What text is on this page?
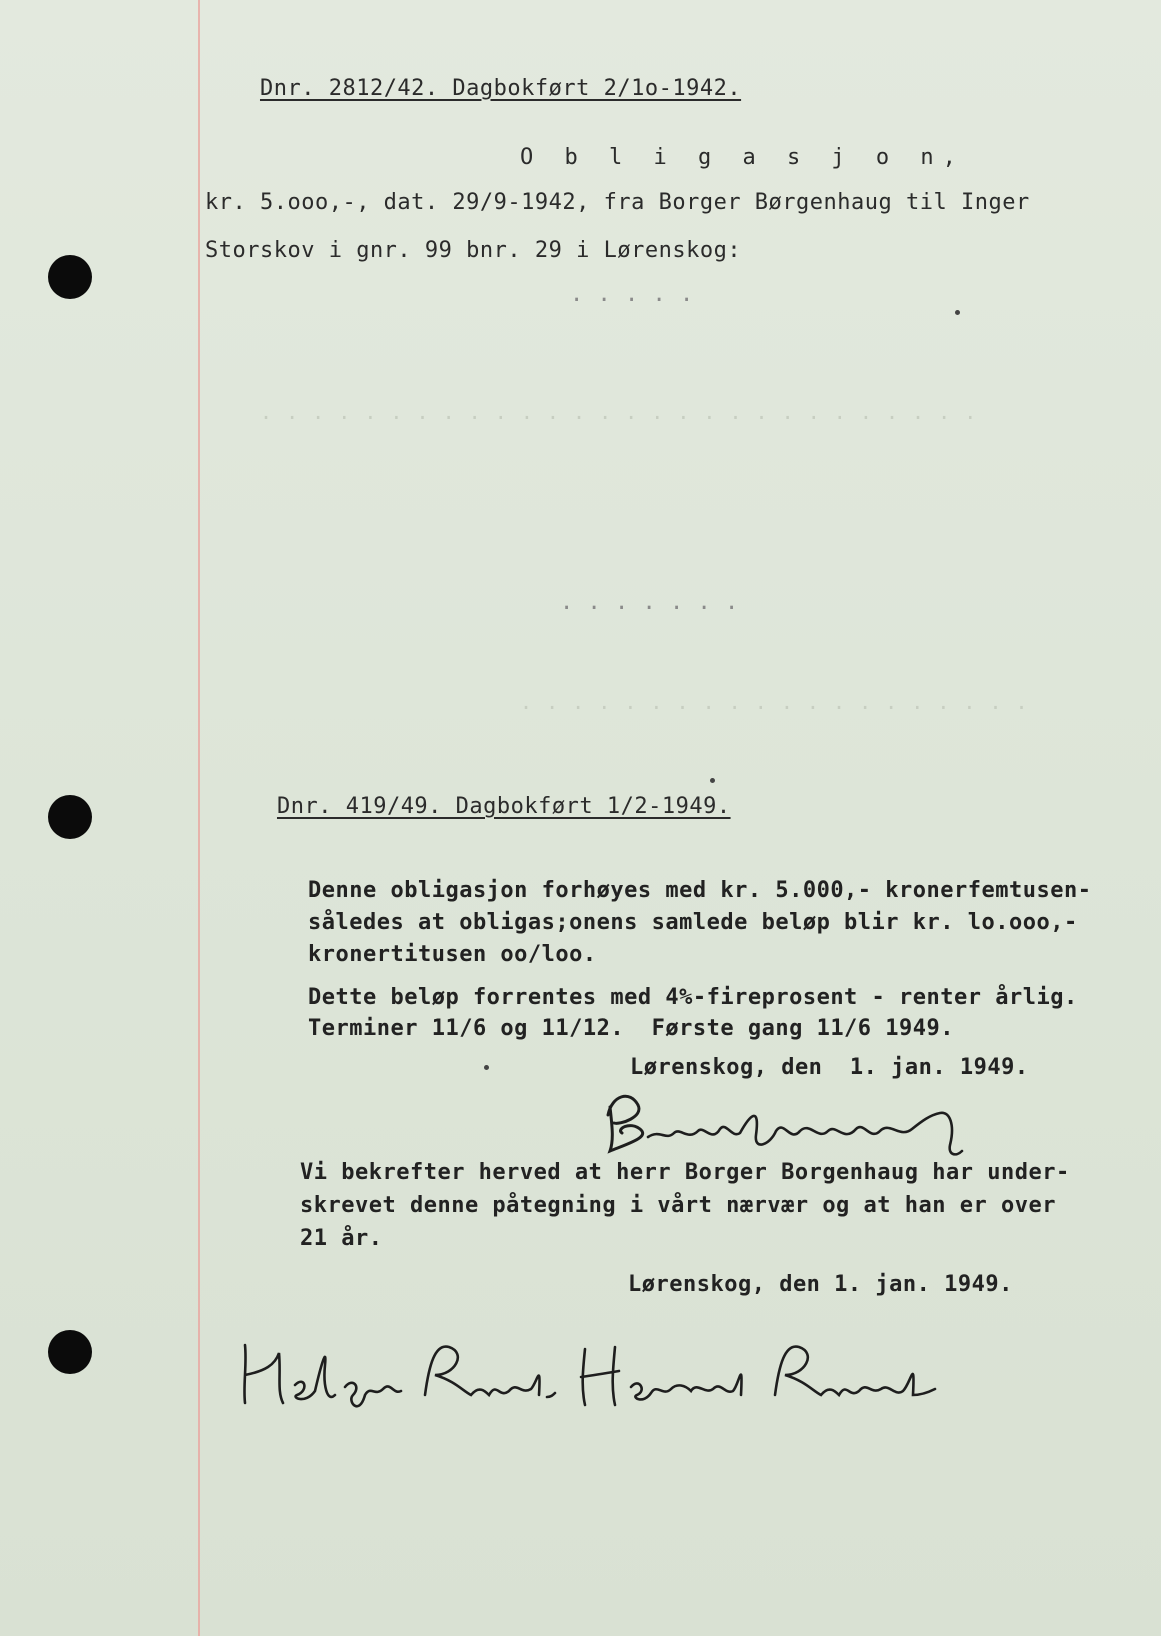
. . . . . . . . . . . . . . . . . . . . . . . . . . . .
. . . . . . . . . . . . . . . . . . . .

Dnr. 2812/42. Dagbokført 2/1o-1942.

O b l i g a s j o n,
kr. 5.ooo,-, dat. 29/9-1942, fra Borger Børgenhaug til Inger
Storskov i gnr. 99 bnr. 29 i Lørenskog:
. . . . .
. . . . . . .

Dnr. 419/49. Dagbokført 1/2-1949.

Denne obligasjon forhøyes med kr. 5.000,- kronerfemtusen-
således at obligas;onens samlede beløp blir kr. lo.ooo,-
kronertitusen oo/loo.
Dette beløp forrentes med 4%-fireprosent - renter årlig.
Terminer 11/6 og 11/12.  Første gang 11/6 1949.
Lørenskog, den  1. jan. 1949.
Vi bekrefter herved at herr Borger Borgenhaug har under-
skrevet denne påtegning i vårt nærvær og at han er over
21 år.
Lørenskog, den 1. jan. 1949.
